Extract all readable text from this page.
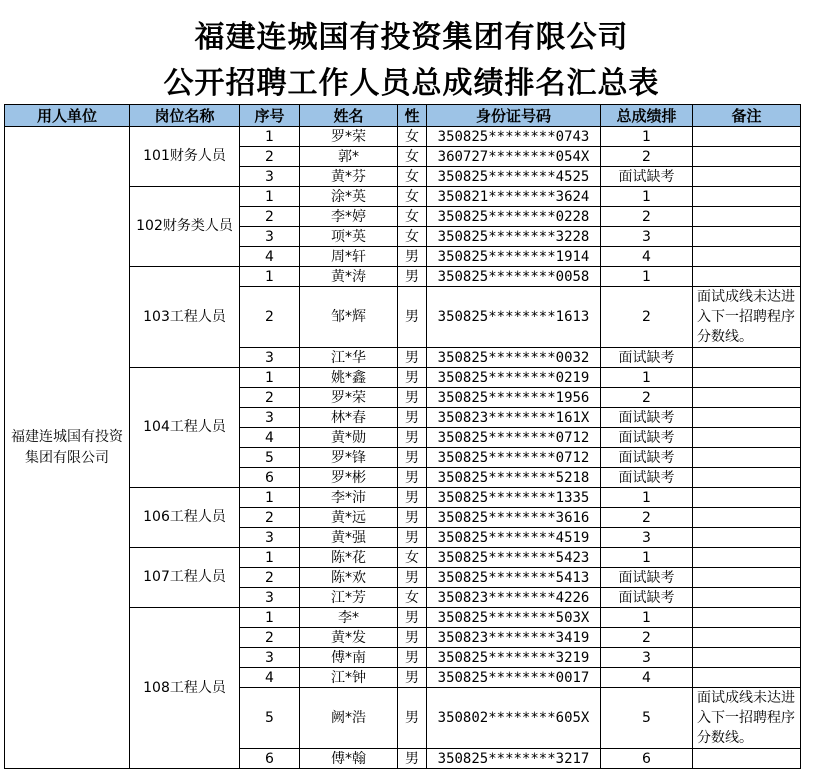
福建连城国有投资集团有限公司
公开招聘工作人员总成绩排名汇总表
用人单位	岗位名称	序号	姓名	性	身份证号码	总成绩排	备注
福建连城国有投资集团有限公司	101财务人员	1	罗*荣	女	350825********0743	1	
		2	郭*	女	360727********054X	2	
		3	黄*芬	女	350825********4525	面试缺考	
	102财务类人员	1	涂*英	女	350821********3624	1	
		2	李*婷	女	350825********0228	2	
		3	项*英	女	350825********3228	3	
		4	周*轩	男	350825********1914	4	
	103工程人员	1	黄*涛	男	350825********0058	1	
		2	邹*辉	男	350825********1613	2	面试成线未达进入下一招聘程序分数线。
		3	江*华	男	350825********0032	面试缺考	
	104工程人员	1	姚*鑫	男	350825********0219	1	
		2	罗*荣	男	350825********1956	2	
		3	林*春	男	350823********161X	面试缺考	
		4	黄*勋	男	350825********0712	面试缺考	
		5	罗*锋	男	350825********0712	面试缺考	
		6	罗*彬	男	350825********5218	面试缺考	
	106工程人员	1	李*沛	男	350825********1335	1	
		2	黄*远	男	350825********3616	2	
		3	黄*强	男	350825********4519	3	
	107工程人员	1	陈*花	女	350825********5423	1	
		2	陈*欢	男	350825********5413	面试缺考	
		3	江*芳	女	350823********4226	面试缺考	
	108工程人员	1	李*	男	350825********503X	1	
		2	黄*发	男	350823********3419	2	
		3	傅*南	男	350825********3219	3	
		4	江*钟	男	350825********0017	4	
		5	阙*浩	男	350802********605X	5	面试成线未达进入下一招聘程序分数线。
		6	傅*翰	男	350825********3217	6	
